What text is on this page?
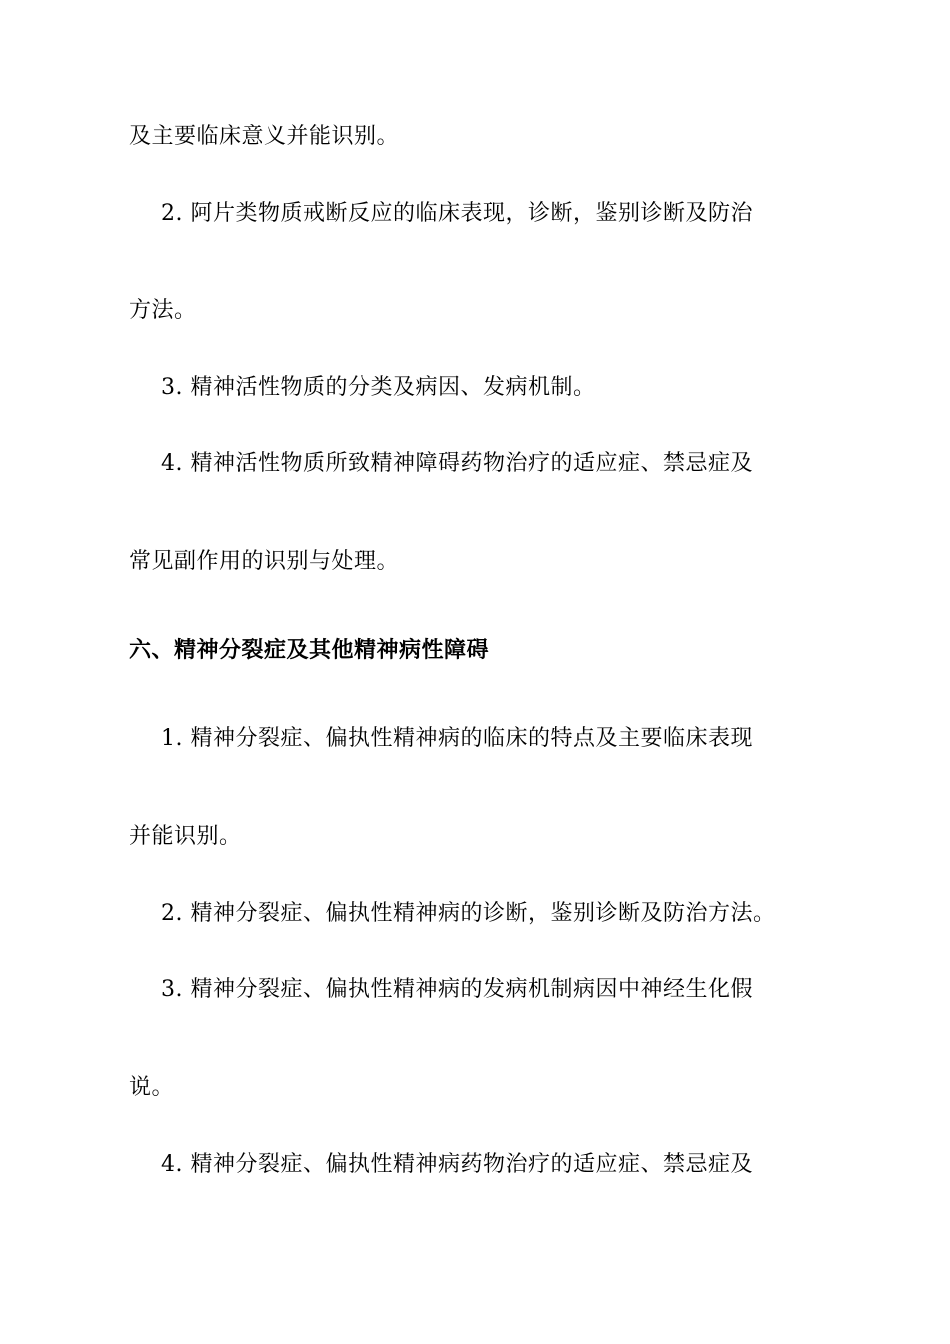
及主要临床意义并能识别。
2. 阿片类物质戒断反应的临床表现，诊断，鉴别诊断及防治
方法。
3. 精神活性物质的分类及病因、发病机制。
4. 精神活性物质所致精神障碍药物治疗的适应症、禁忌症及
常见副作用的识别与处理。
六、精神分裂症及其他精神病性障碍
1. 精神分裂症、偏执性精神病的临床的特点及主要临床表现
并能识别。
2. 精神分裂症、偏执性精神病的诊断，鉴别诊断及防治方法。
3. 精神分裂症、偏执性精神病的发病机制病因中神经生化假
说。
4. 精神分裂症、偏执性精神病药物治疗的适应症、禁忌症及
